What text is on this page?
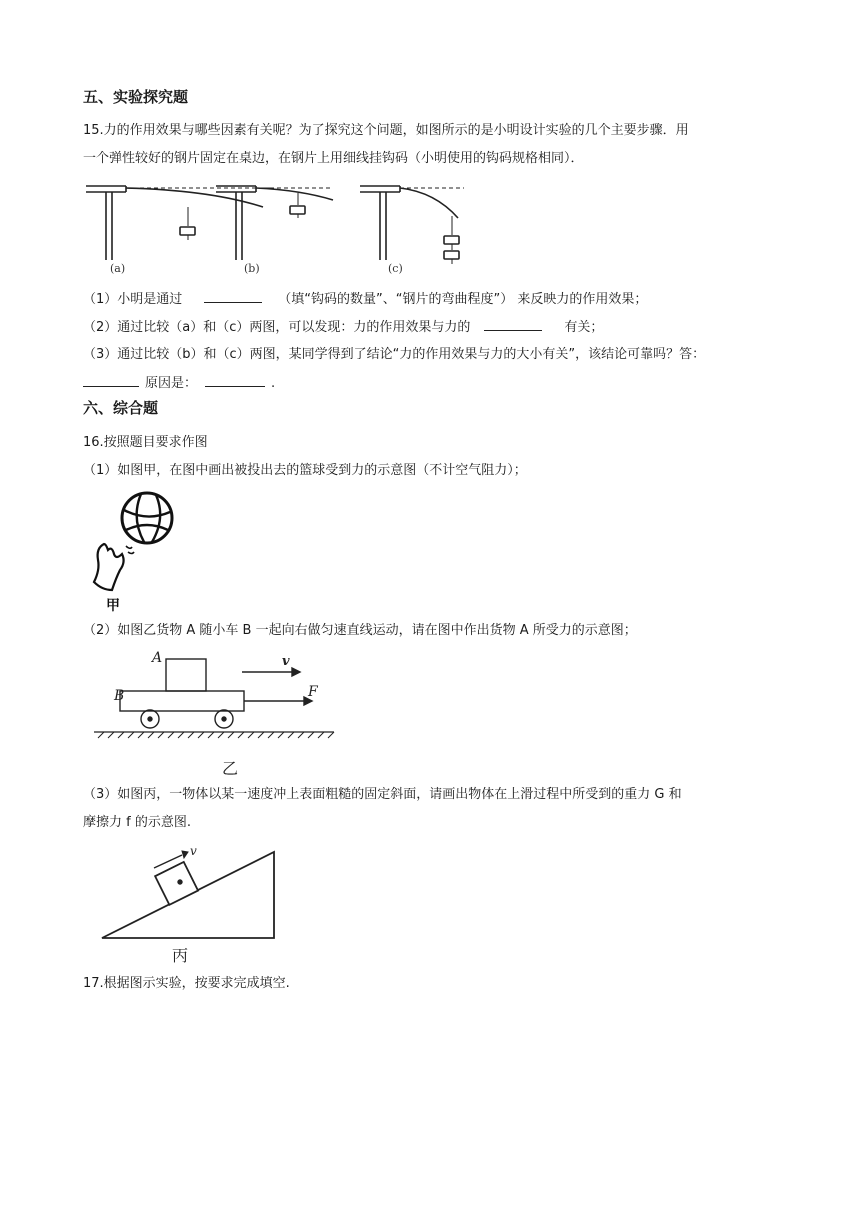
五、实验探究题
15.力的作用效果与哪些因素有关呢？为了探究这个问题，如图所示的是小明设计实验的几个主要步骤．用
一个弹性较好的钢片固定在桌边，在钢片上用细线挂钩码（小明使用的钩码规格相同）．
(a)	(b)	(c)
（1）小明是通过	（填“钩码的数量”、“钢片的弯曲程度”） 来反映力的作用效果；
（2）通过比较（a）和（c）两图，可以发现：力的作用效果与力的	有关；
（3）通过比较（b）和（c）两图，某同学得到了结论“力的作用效果与力的大小有关”，该结论可靠吗？答：
原因是：	.
六、综合题
16.按照题目要求作图
（1）如图甲，在图中画出被投出去的篮球受到力的示意图（不计空气阻力）；
甲
（2）如图乙货物 A 随小车 B 一起向右做匀速直线运动，请在图中作出货物 A 所受力的示意图；
A
B
v
F
乙
（3）如图丙，一物体以某一速度冲上表面粗糙的固定斜面，请画出物体在上滑过程中所受到的重力 G 和
摩擦力 f 的示意图.
v
丙
17.根据图示实验，按要求完成填空.
